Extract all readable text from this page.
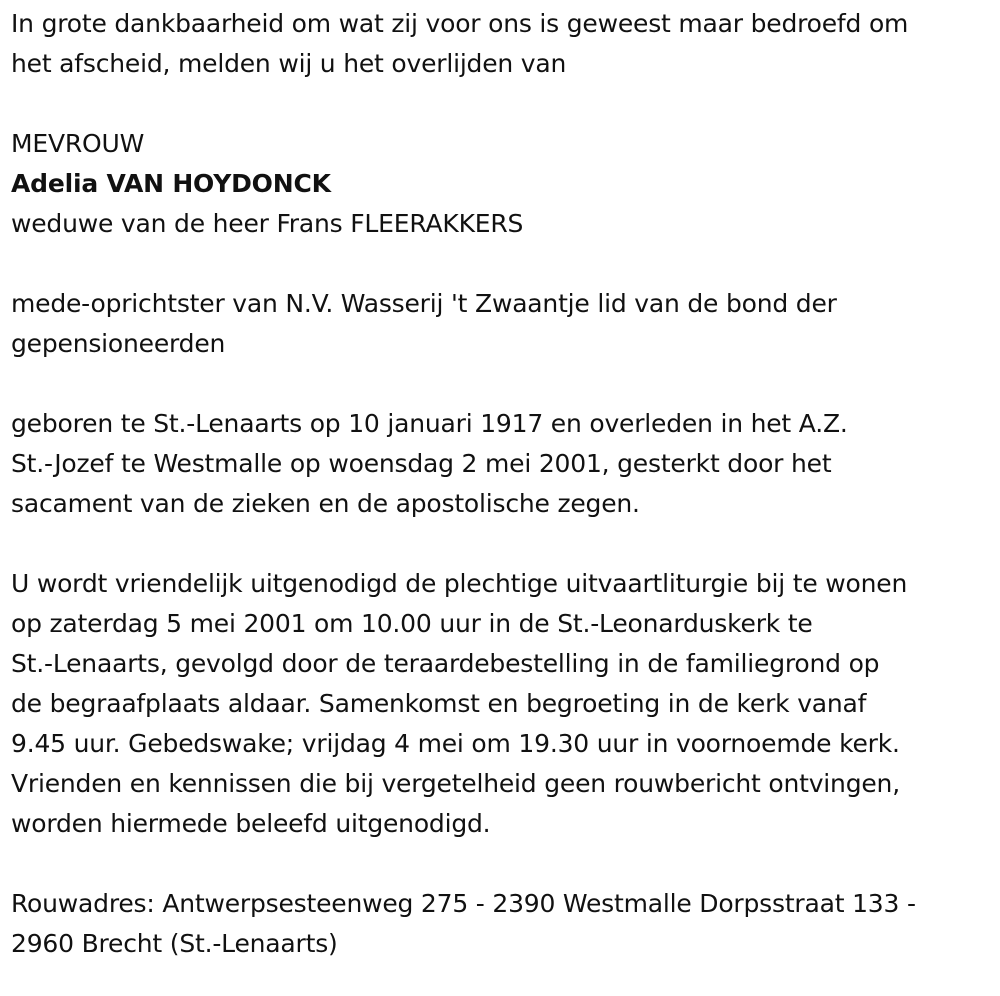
In grote dankbaarheid om wat zij voor ons is geweest maar bedroefd om
het afscheid, melden wij u het overlijden van
MEVROUW
Adelia VAN HOYDONCK
weduwe van de heer Frans FLEERAKKERS
mede-oprichtster van N.V. Wasserij 't Zwaantje lid van de bond der
gepensioneerden
geboren te St.-Lenaarts op 10 januari 1917 en overleden in het A.Z.
St.-Jozef te Westmalle op woensdag 2 mei 2001, gesterkt door het
sacament van de zieken en de apostolische zegen.
U wordt vriendelijk uitgenodigd de plechtige uitvaartliturgie bij te wonen
op zaterdag 5 mei 2001 om 10.00 uur in de St.-Leonarduskerk te
St.-Lenaarts, gevolgd door de teraardebestelling in de familiegrond op
de begraafplaats aldaar. Samenkomst en begroeting in de kerk vanaf
9.45 uur. Gebedswake; vrijdag 4 mei om 19.30 uur in voornoemde kerk.
Vrienden en kennissen die bij vergetelheid geen rouwbericht ontvingen,
worden hiermede beleefd uitgenodigd.
Rouwadres: Antwerpsesteenweg 275 - 2390 Westmalle Dorpsstraat 133 -
2960 Brecht (St.-Lenaarts)
